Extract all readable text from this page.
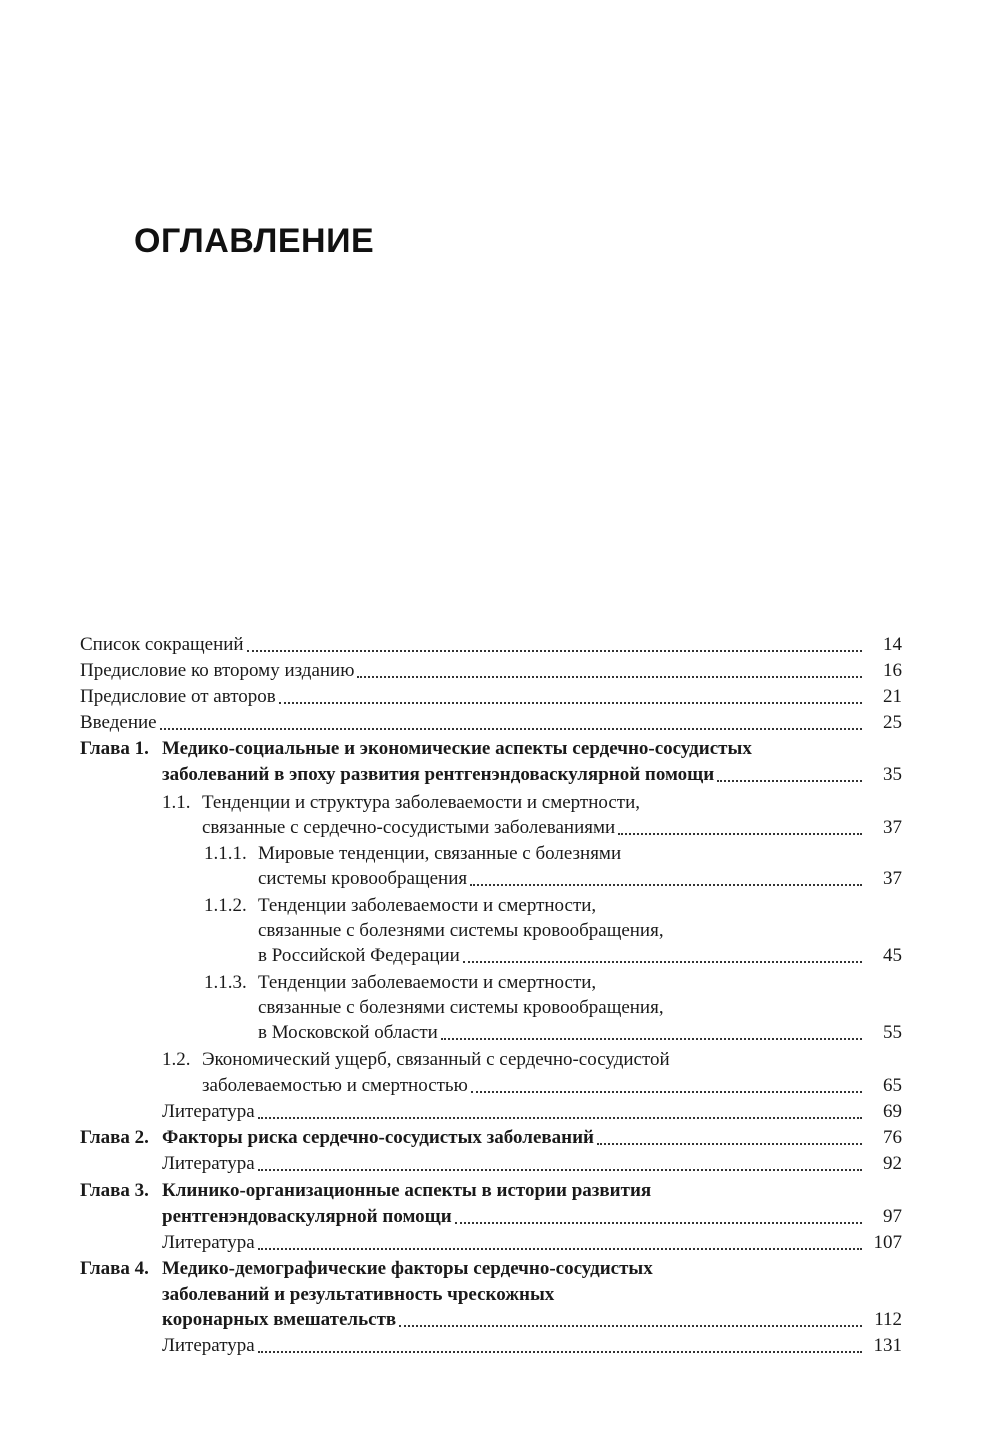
ОГЛАВЛЕНИЕ
Список сокращений	14
Предисловие ко второму изданию	16
Предисловие от авторов	21
Введение	25
Глава 1. Медико-социальные и экономические аспекты сердечно-сосудистых
заболеваний в эпоху развития рентгенэндоваскулярной помощи	35
1.1. Тенденции и структура заболеваемости и смертности,
связанные с сердечно-сосудистыми заболеваниями	37
1.1.1. Мировые тенденции, связанные с болезнями
системы кровообращения	37
1.1.2. Тенденции заболеваемости и смертности,
связанные с болезнями системы кровообращения,
в Российской Федерации	45
1.1.3. Тенденции заболеваемости и смертности,
связанные с болезнями системы кровообращения,
в Московской области	55
1.2. Экономический ущерб, связанный с сердечно-сосудистой
заболеваемостью и смертностью	65
Литература	69
Глава 2. Факторы риска сердечно-сосудистых заболеваний	76
Литература	92
Глава 3. Клинико-организационные аспекты в истории развития
рентгенэндоваскулярной помощи	97
Литература	107
Глава 4. Медико-демографические факторы сердечно-сосудистых
заболеваний и результативность чрескожных
коронарных вмешательств	112
Литература	131
